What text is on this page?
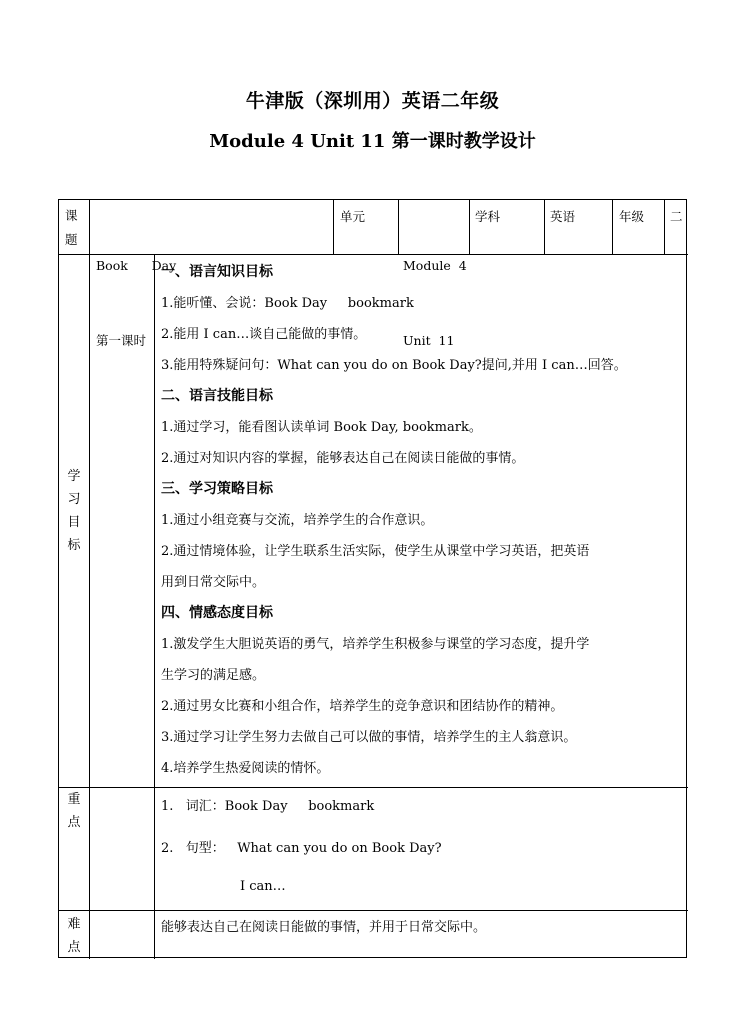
牛津版（深圳用）英语二年级
Module 4 Unit 11 第一课时教学设计
课
题

Book      Day

第一课时

单元

Module  4

Unit  11

学科	英语	年级 二
学
习
目
标
一、语言知识目标
1.能听懂、会说：Book Day     bookmark
2.能用 I can…谈自己能做的事情。
3.能用特殊疑问句：What can you do on Book Day?提问,并用 I can…回答。
二、语言技能目标
1.通过学习，能看图认读单词 Book Day, bookmark。
2.通过对知识内容的掌握，能够表达自己在阅读日能做的事情。
三、学习策略目标
1.通过小组竞赛与交流，培养学生的合作意识。
2.通过情境体验，让学生联系生活实际，使学生从课堂中学习英语，把英语
用到日常交际中。
四、情感态度目标
1.激发学生大胆说英语的勇气，培养学生积极参与课堂的学习态度，提升学
生学习的满足感。
2.通过男女比赛和小组合作，培养学生的竞争意识和团结协作的精神。
3.通过学习让学生努力去做自己可以做的事情，培养学生的主人翁意识。
4.培养学生热爱阅读的情怀。
重
点
1.   词汇：Book Day     bookmark
2.   句型：   What can you do on Book Day?
I can…
难
点
能够表达自己在阅读日能做的事情，并用于日常交际中。
